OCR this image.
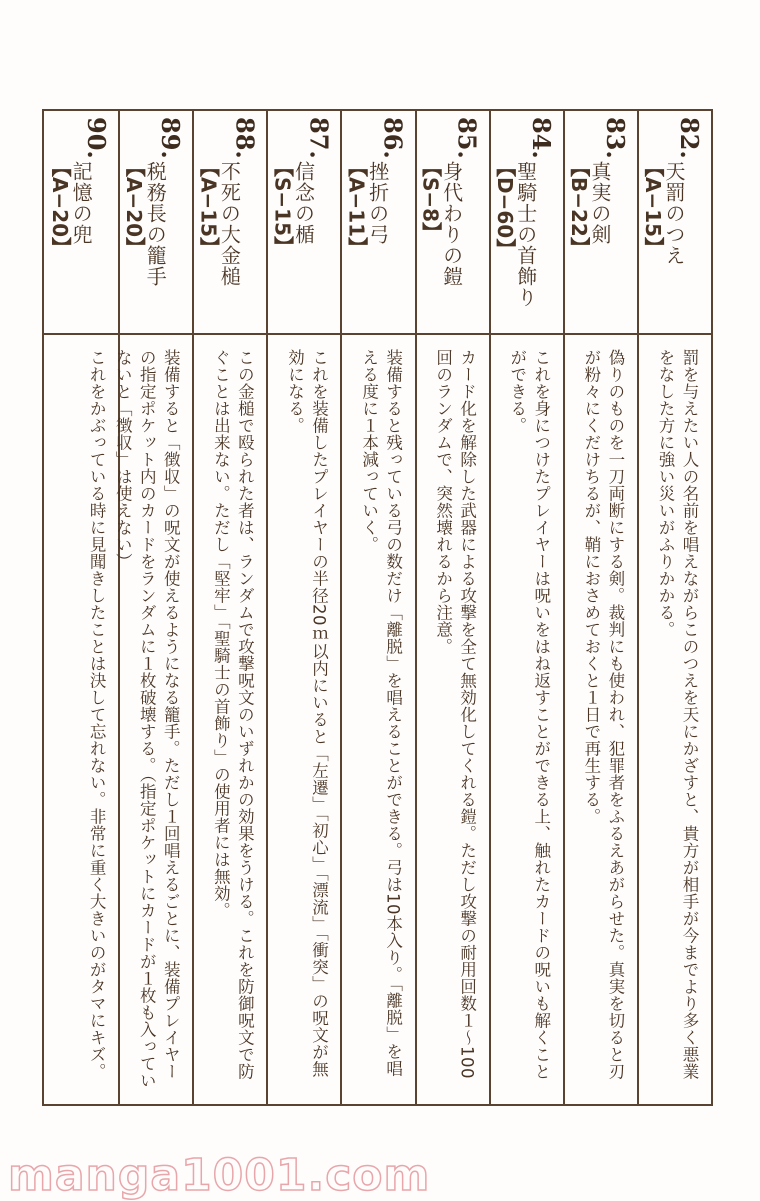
82.
天罰のつえ
【A−15】
罰を与えたい人の名前を唱えながらこのつえを天にかざすと、貴方が相手が今までより多く悪業をなした方に強い災いがふりかかる。
83.
真実の剣
【B−22】
偽りのものを一刀両断にする剣。裁判にも使われ、犯罪者をふるえあがらせた。真実を切ると刃が粉々にくだけちるが、鞘におさめておくと１日で再生する。
84.
聖騎士の首飾り
【D−60】
これを身につけたプレイヤーは呪いをはね返すことができる上、触れたカードの呪いも解くことができる。
85.
身代わりの鎧
【S−8】
カード化を解除した武器による攻撃を全て無効化してくれる鎧。ただし攻撃の耐用回数１〜100回のランダムで、突然壊れるから注意。
86.
挫折の弓
【A−11】
装備すると残っている弓の数だけ「離脱」を唱えることができる。弓は10本入り。「離脱」を唱える度に１本減っていく。
87.
信念の楯
【S−15】
これを装備したプレイヤーの半径20ｍ以内にいると「左遷」「初心」「漂流」「衝突」の呪文が無効になる。
88.
不死の大金槌
【A−15】
この金槌で殴られた者は、ランダムで攻撃呪文のいずれかの効果をうける。これを防御呪文で防ぐことは出来ない。ただし「堅牢」「聖騎士の首飾り」の使用者には無効。
89.
税務長の籠手
【A−20】
装備すると「徴収」の呪文が使えるようになる籠手。ただし１回唱えるごとに、装備プレイヤーの指定ポケット内のカードをランダムに１枚破壊する。（指定ポケットにカードが１枚も入っていないと「徴収」は使えない）
90.
記憶の兜
【A−20】
これをかぶっている時に見聞きしたことは決して忘れない。非常に重く大きいのがタマにキズ。
manga1001.com
